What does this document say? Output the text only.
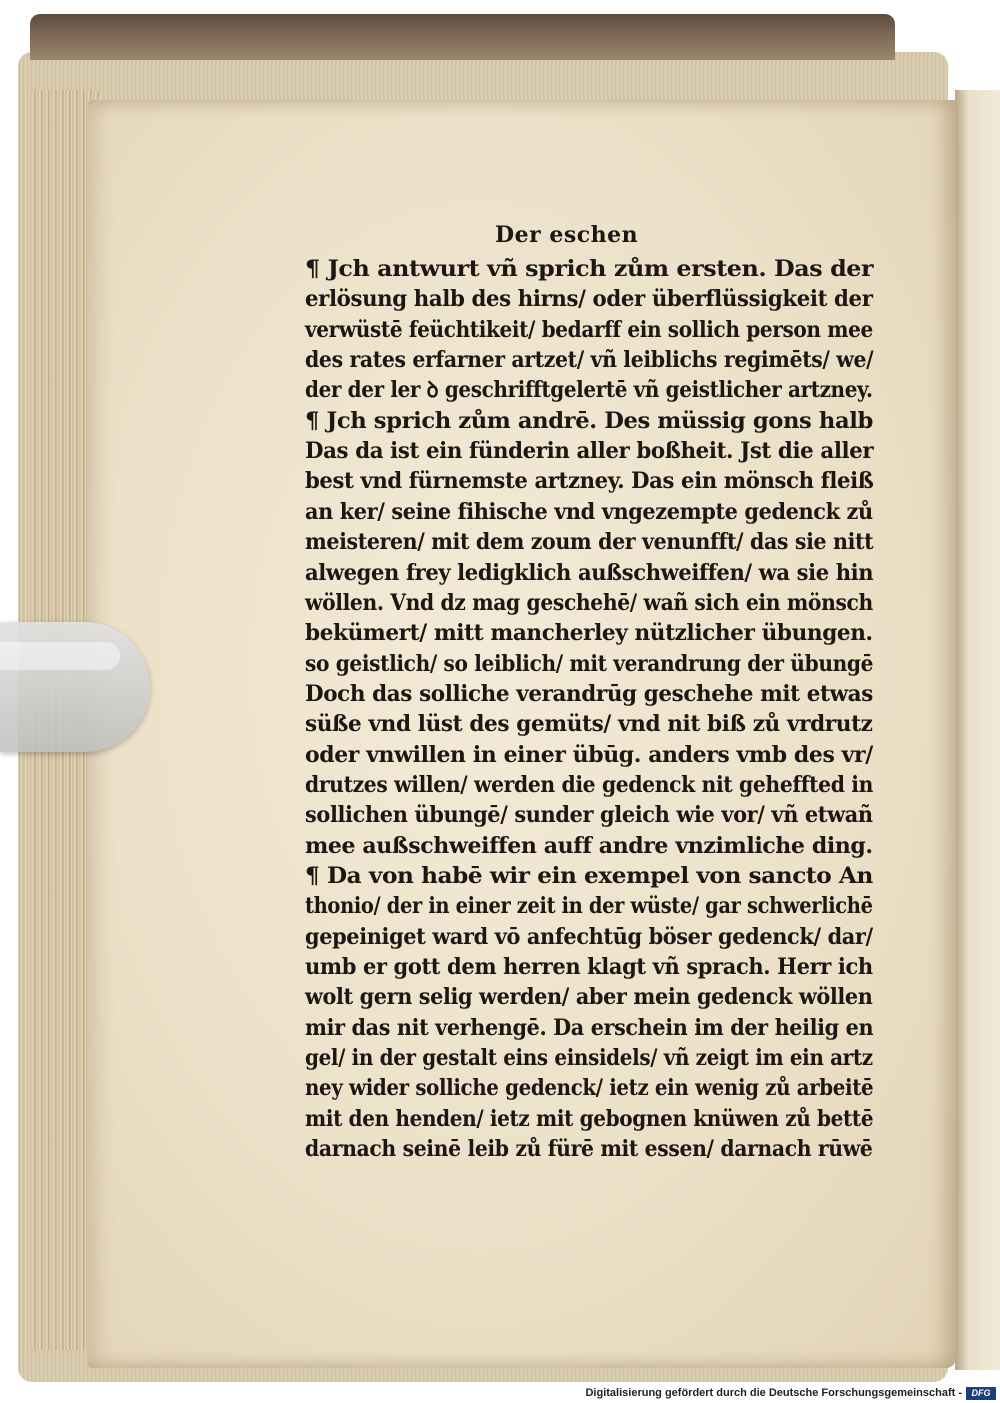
Der eschen
¶ Jch antwurt vñ sprich zům ersten. Das der
erlösung halb des hirns/ oder überflüssigkeit der
verwüstē feüchtikeit/ bedarff ein sollich person mee
des rates erfarner artzet/ vñ leiblichs regimēts/ we/
der der ler ꝺ geschrifftgelertē vñ geistlicher artzney.
¶ Jch sprich zům andrē. Des müssig gons halb
Das da ist ein fünderin aller boßheit. Jst die aller
best vnd fürnemste artzney. Das ein mönsch fleiß
an ker/ seine fihische vnd vngezempte gedenck zů
meisteren/ mit dem zoum der venunfft/ das sie nitt
alwegen frey ledigklich außschweiffen/ wa sie hin
wöllen. Vnd dz mag geschehē/ wañ sich ein mönsch
bekümert/ mitt mancherley nützlicher übungen.
so geistlich/ so leiblich/ mit verandrung der übungē
Doch das solliche verandrūg geschehe mit etwas
süße vnd lüst des gemüts/ vnd nit biß zů vrdrutz
oder vnwillen in einer übūg. anders vmb des vr/
drutzes willen/ werden die gedenck nit geheffted in
sollichen übungē/ sunder gleich wie vor/ vñ etwañ
mee außschweiffen auff andre vnzimliche ding.
¶ Da von habē wir ein exempel von sancto An
thonio/ der in einer zeit in der wüste/ gar schwerlichē
gepeiniget ward vō anfechtūg böser gedenck/ dar/
umb er gott dem herren klagt vñ sprach. Herr ich
wolt gern selig werden/ aber mein gedenck wöllen
mir das nit verhengē. Da erschein im der heilig en
gel/ in der gestalt eins einsidels/ vñ zeigt im ein artz
ney wider solliche gedenck/ ietz ein wenig zů arbeitē
mit den henden/ ietz mit gebognen knüwen zů bettē
darnach seinē leib zů fürē mit essen/ darnach rūwē
Digitalisierung gefördert durch die Deutsche Forschungsgemeinschaft -	DFG
